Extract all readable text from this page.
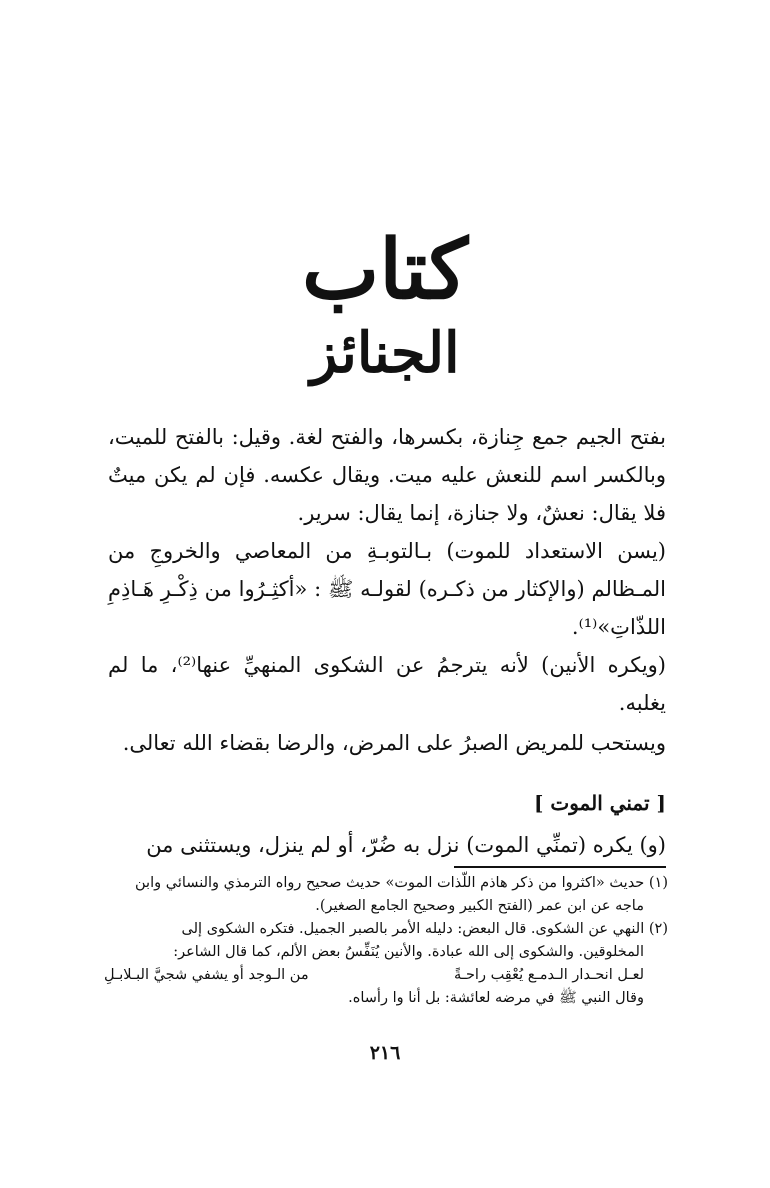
كتاب
الجنائز

بفتح الجيم جمع جِنازة، بكسرها، والفتح لغة. وقيل: بالفتح للميت، وبالكسر اسم للنعش عليه ميت. ويقال عكسه. فإن لم يكن ميتٌ فلا يقال: نعشٌ، ولا جنازة، إنما يقال: سرير.

(يسن الاستعداد للموت) بـالتوبـةِ من المعاصي والخروجِ من المـظالم (والإكثار من ذكـره) لقولـه ﷺ : «أكثِـرُوا من ذِكْـرِ هَـاذِمِ اللذّاتِ»⁽¹⁾.

(ويكره الأنين) لأنه يترجمُ عن الشكوى المنهيِّ عنها⁽²⁾، ما لم يغلبه.

ويستحب للمريض الصبرُ على المرض، والرضا بقضاء الله تعالى.

[ تمني الموت ]

(و) يكره (تمنِّي الموت) نزل به ضُرّ، أو لم ينزل، ويستثنى من

(١) حديث «اكثروا من ذكر هاذم اللّذات الموت» حديث صحيح رواه الترمذي والنسائي وابن

ماجه عن ابن عمر (الفتح الكبير وصحيح الجامع الصغير).

(٢) النهي عن الشكوى. قال البعض: دليله الأمر بالصبر الجميل. فتكره الشكوى إلى

المخلوقين. والشكوى إلى الله عبادة. والأنين يُنَفِّسُ بعض الألم، كما قال الشاعر:

لعـل انحـدار الـدمـع يُعْقِب راحـةً
من الـوجد أو يشفي شجيَّ البـلابـلِ

وقال النبي ﷺ في مرضه لعائشة: بل أنا وا رأساه.

٢١٦
